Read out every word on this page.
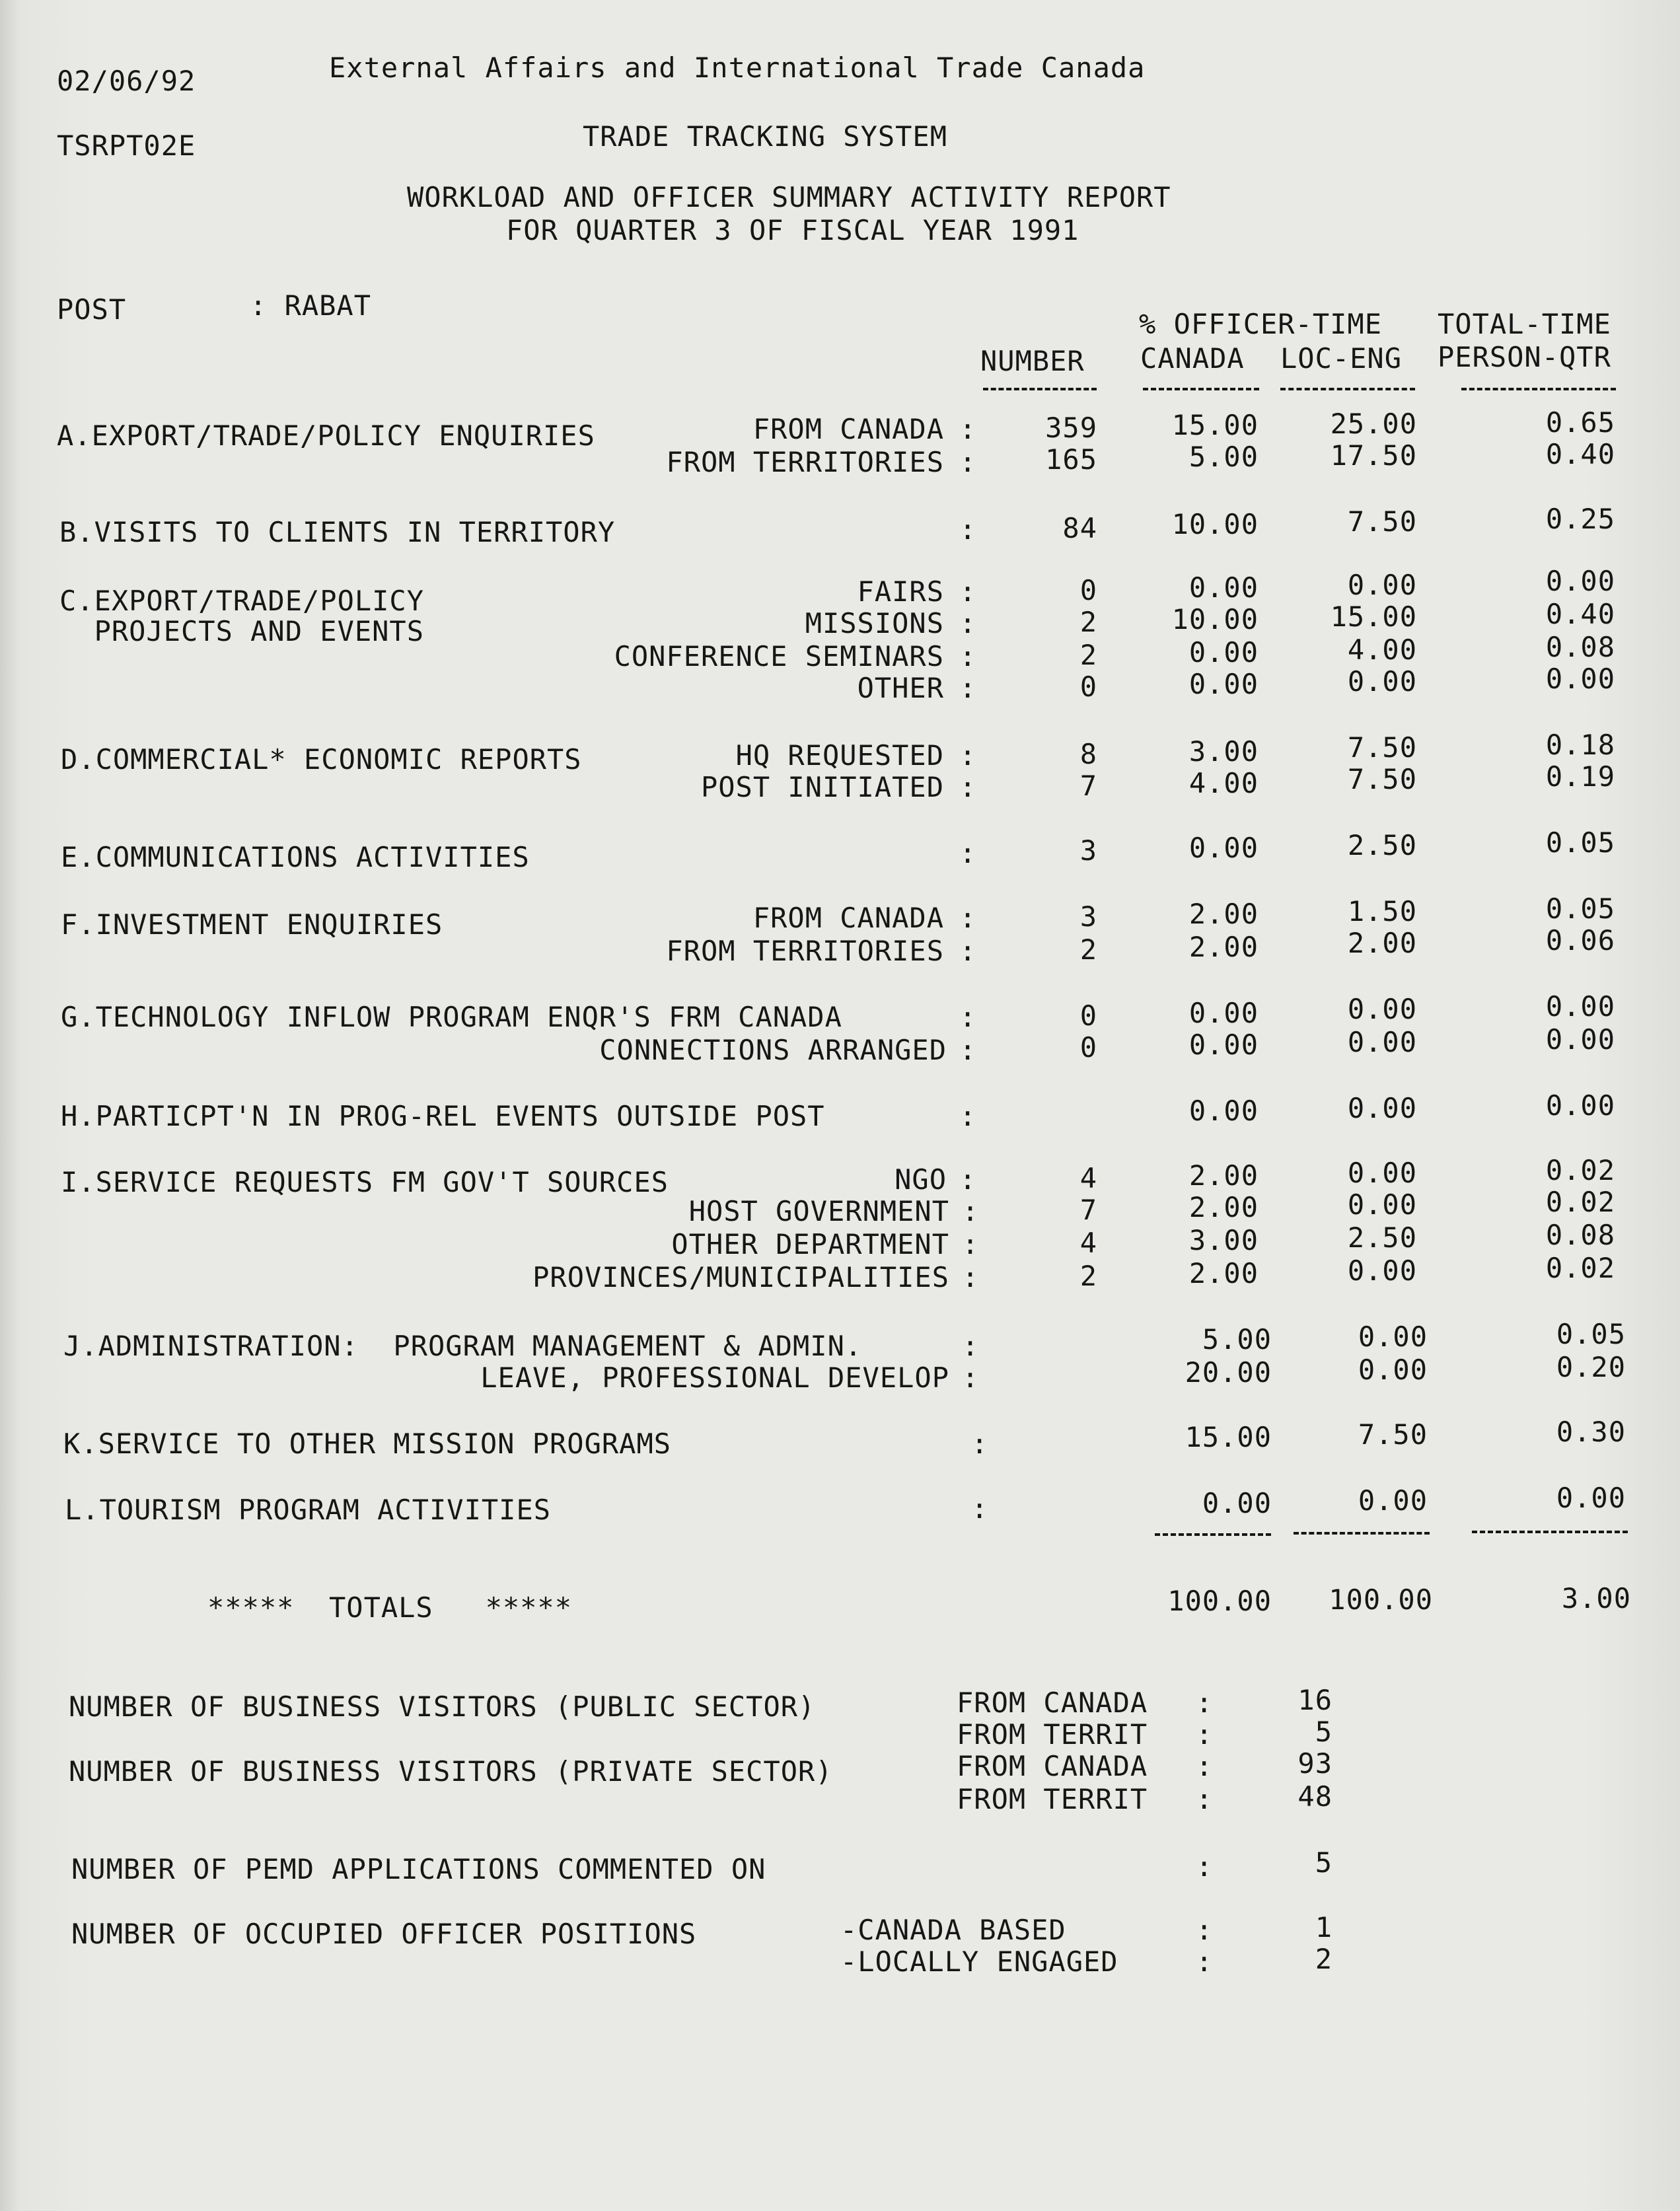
02/06/92	External Affairs and International Trade Canada
TSRPT02E	TRADE TRACKING SYSTEM
WORKLOAD AND OFFICER SUMMARY ACTIVITY REPORT
FOR QUARTER 3 OF FISCAL YEAR 1991
POST	: RABAT
% OFFICER-TIME TOTAL-TIME
NUMBER CANADA LOC-ENG PERSON-QTR
A.EXPORT/TRADE/POLICY ENQUIRIES	FROM CANADA : 359	15.00	25.00	0.65
FROM TERRITORIES : 165	5.00	17.50	0.40
B.VISITS TO CLIENTS IN TERRITORY	:	84	10.00	7.50	0.25
C.EXPORT/TRADE/POLICY	FAIRS :	0	0.00	0.00	0.00
PROJECTS AND EVENTS	MISSIONS :	2	10.00	15.00	0.40
CONFERENCE SEMINARS :	2	0.00	4.00	0.08
OTHER :	0	0.00	0.00	0.00
D.COMMERCIAL* ECONOMIC REPORTS	HQ REQUESTED :	8	3.00	7.50	0.18
POST INITIATED :	7	4.00	7.50	0.19
E.COMMUNICATIONS ACTIVITIES	:	3	0.00	2.50	0.05
F.INVESTMENT ENQUIRIES	FROM CANADA :	3	2.00	1.50	0.05
FROM TERRITORIES :	2	2.00	2.00	0.06
G.TECHNOLOGY INFLOW PROGRAM ENQR'S FRM CANADA	:	0	0.00	0.00	0.00
CONNECTIONS ARRANGED :	0	0.00	0.00	0.00
H.PARTICPT'N IN PROG-REL EVENTS OUTSIDE POST	:	0.00	0.00	0.00
I.SERVICE REQUESTS FM GOV'T SOURCES	NGO :	4	2.00	0.00	0.02
HOST GOVERNMENT :	7	2.00	0.00	0.02
OTHER DEPARTMENT :	4	3.00	2.50	0.08
PROVINCES/MUNICIPALITIES :	2	2.00	0.00	0.02
J.ADMINISTRATION:  PROGRAM MANAGEMENT & ADMIN.	:	5.00	0.00	0.05
LEAVE, PROFESSIONAL DEVELOP :	20.00	0.00	0.20
K.SERVICE TO OTHER MISSION PROGRAMS	:	15.00	7.50	0.30
L.TOURISM PROGRAM ACTIVITIES	:	0.00	0.00	0.00
*****  TOTALS   *****	100.00 100.00	3.00
NUMBER OF BUSINESS VISITORS (PUBLIC SECTOR)	FROM CANADA :	16
FROM TERRIT :	5
NUMBER OF BUSINESS VISITORS (PRIVATE SECTOR)	FROM CANADA :	93
FROM TERRIT :	48
NUMBER OF PEMD APPLICATIONS COMMENTED ON	:	5
NUMBER OF OCCUPIED OFFICER POSITIONS	-CANADA BASED	:	1
-LOCALLY ENGAGED	:	2
